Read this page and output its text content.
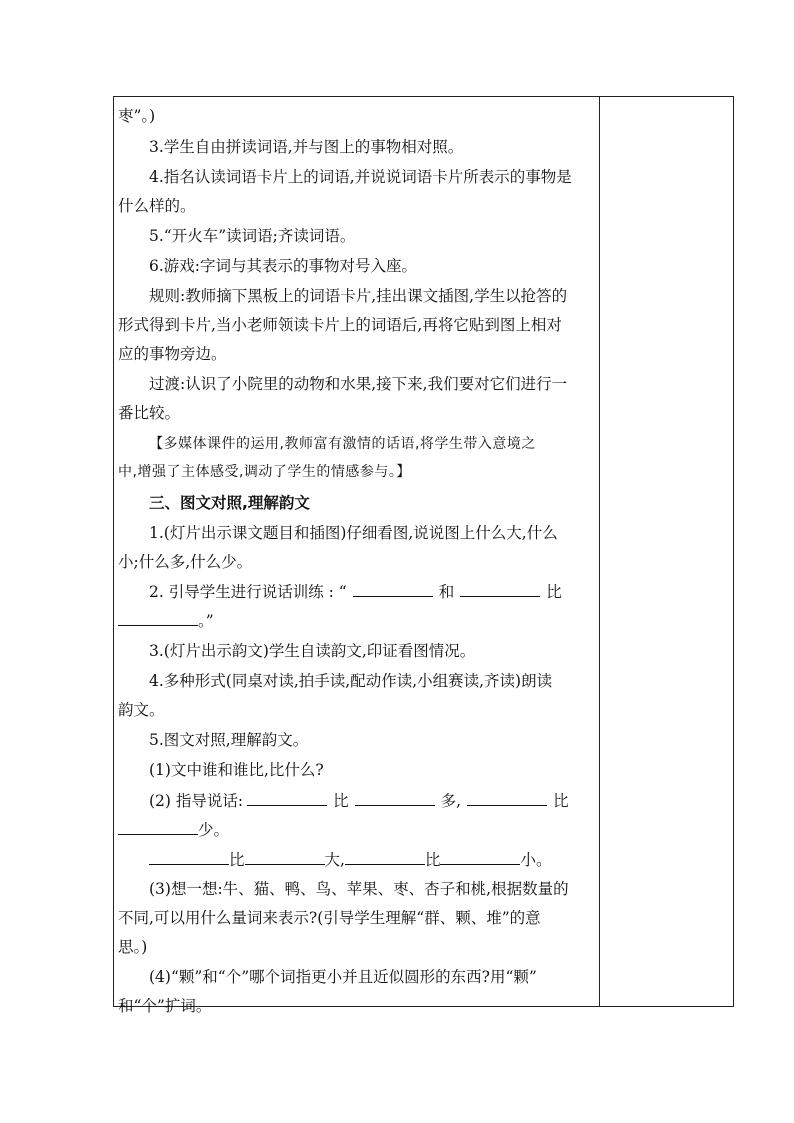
枣”。)
3.学生自由拼读词语,并与图上的事物相对照。
4.指名认读词语卡片上的词语,并说说词语卡片所表示的事物是
什么样的。
5.“开火车”读词语;齐读词语。
6.游戏:字词与其表示的事物对号入座。
规则:教师摘下黑板上的词语卡片,挂出课文插图,学生以抢答的
形式得到卡片,当小老师领读卡片上的词语后,再将它贴到图上相对
应的事物旁边。
过渡:认识了小院里的动物和水果,接下来,我们要对它们进行一
番比较。
【多媒体课件的运用,教师富有激情的话语,将学生带入意境之
中,增强了主体感受,调动了学生的情感参与。】
三、图文对照,理解韵文
1.(灯片出示课文题目和插图)仔细看图,说说图上什么大,什么
小;什么多,什么少。
2. 引导学生进行说话训练 : “	和	比
。”
3.(灯片出示韵文)学生自读韵文,印证看图情况。
4.多种形式(同桌对读,拍手读,配动作读,小组赛读,齐读)朗读
韵文。
5.图文对照,理解韵文。
(1)文中谁和谁比,比什么?
(2) 指导说话:	比	多,	比
少。
比	大,	比	小。
(3)想一想:牛、猫、鸭、鸟、苹果、枣、杏子和桃,根据数量的
不同,可以用什么量词来表示?(引导学生理解“群、颗、堆”的意
思。)
(4)“颗”和“个”哪个词指更小并且近似圆形的东西?用“颗”
和“个”扩词。
